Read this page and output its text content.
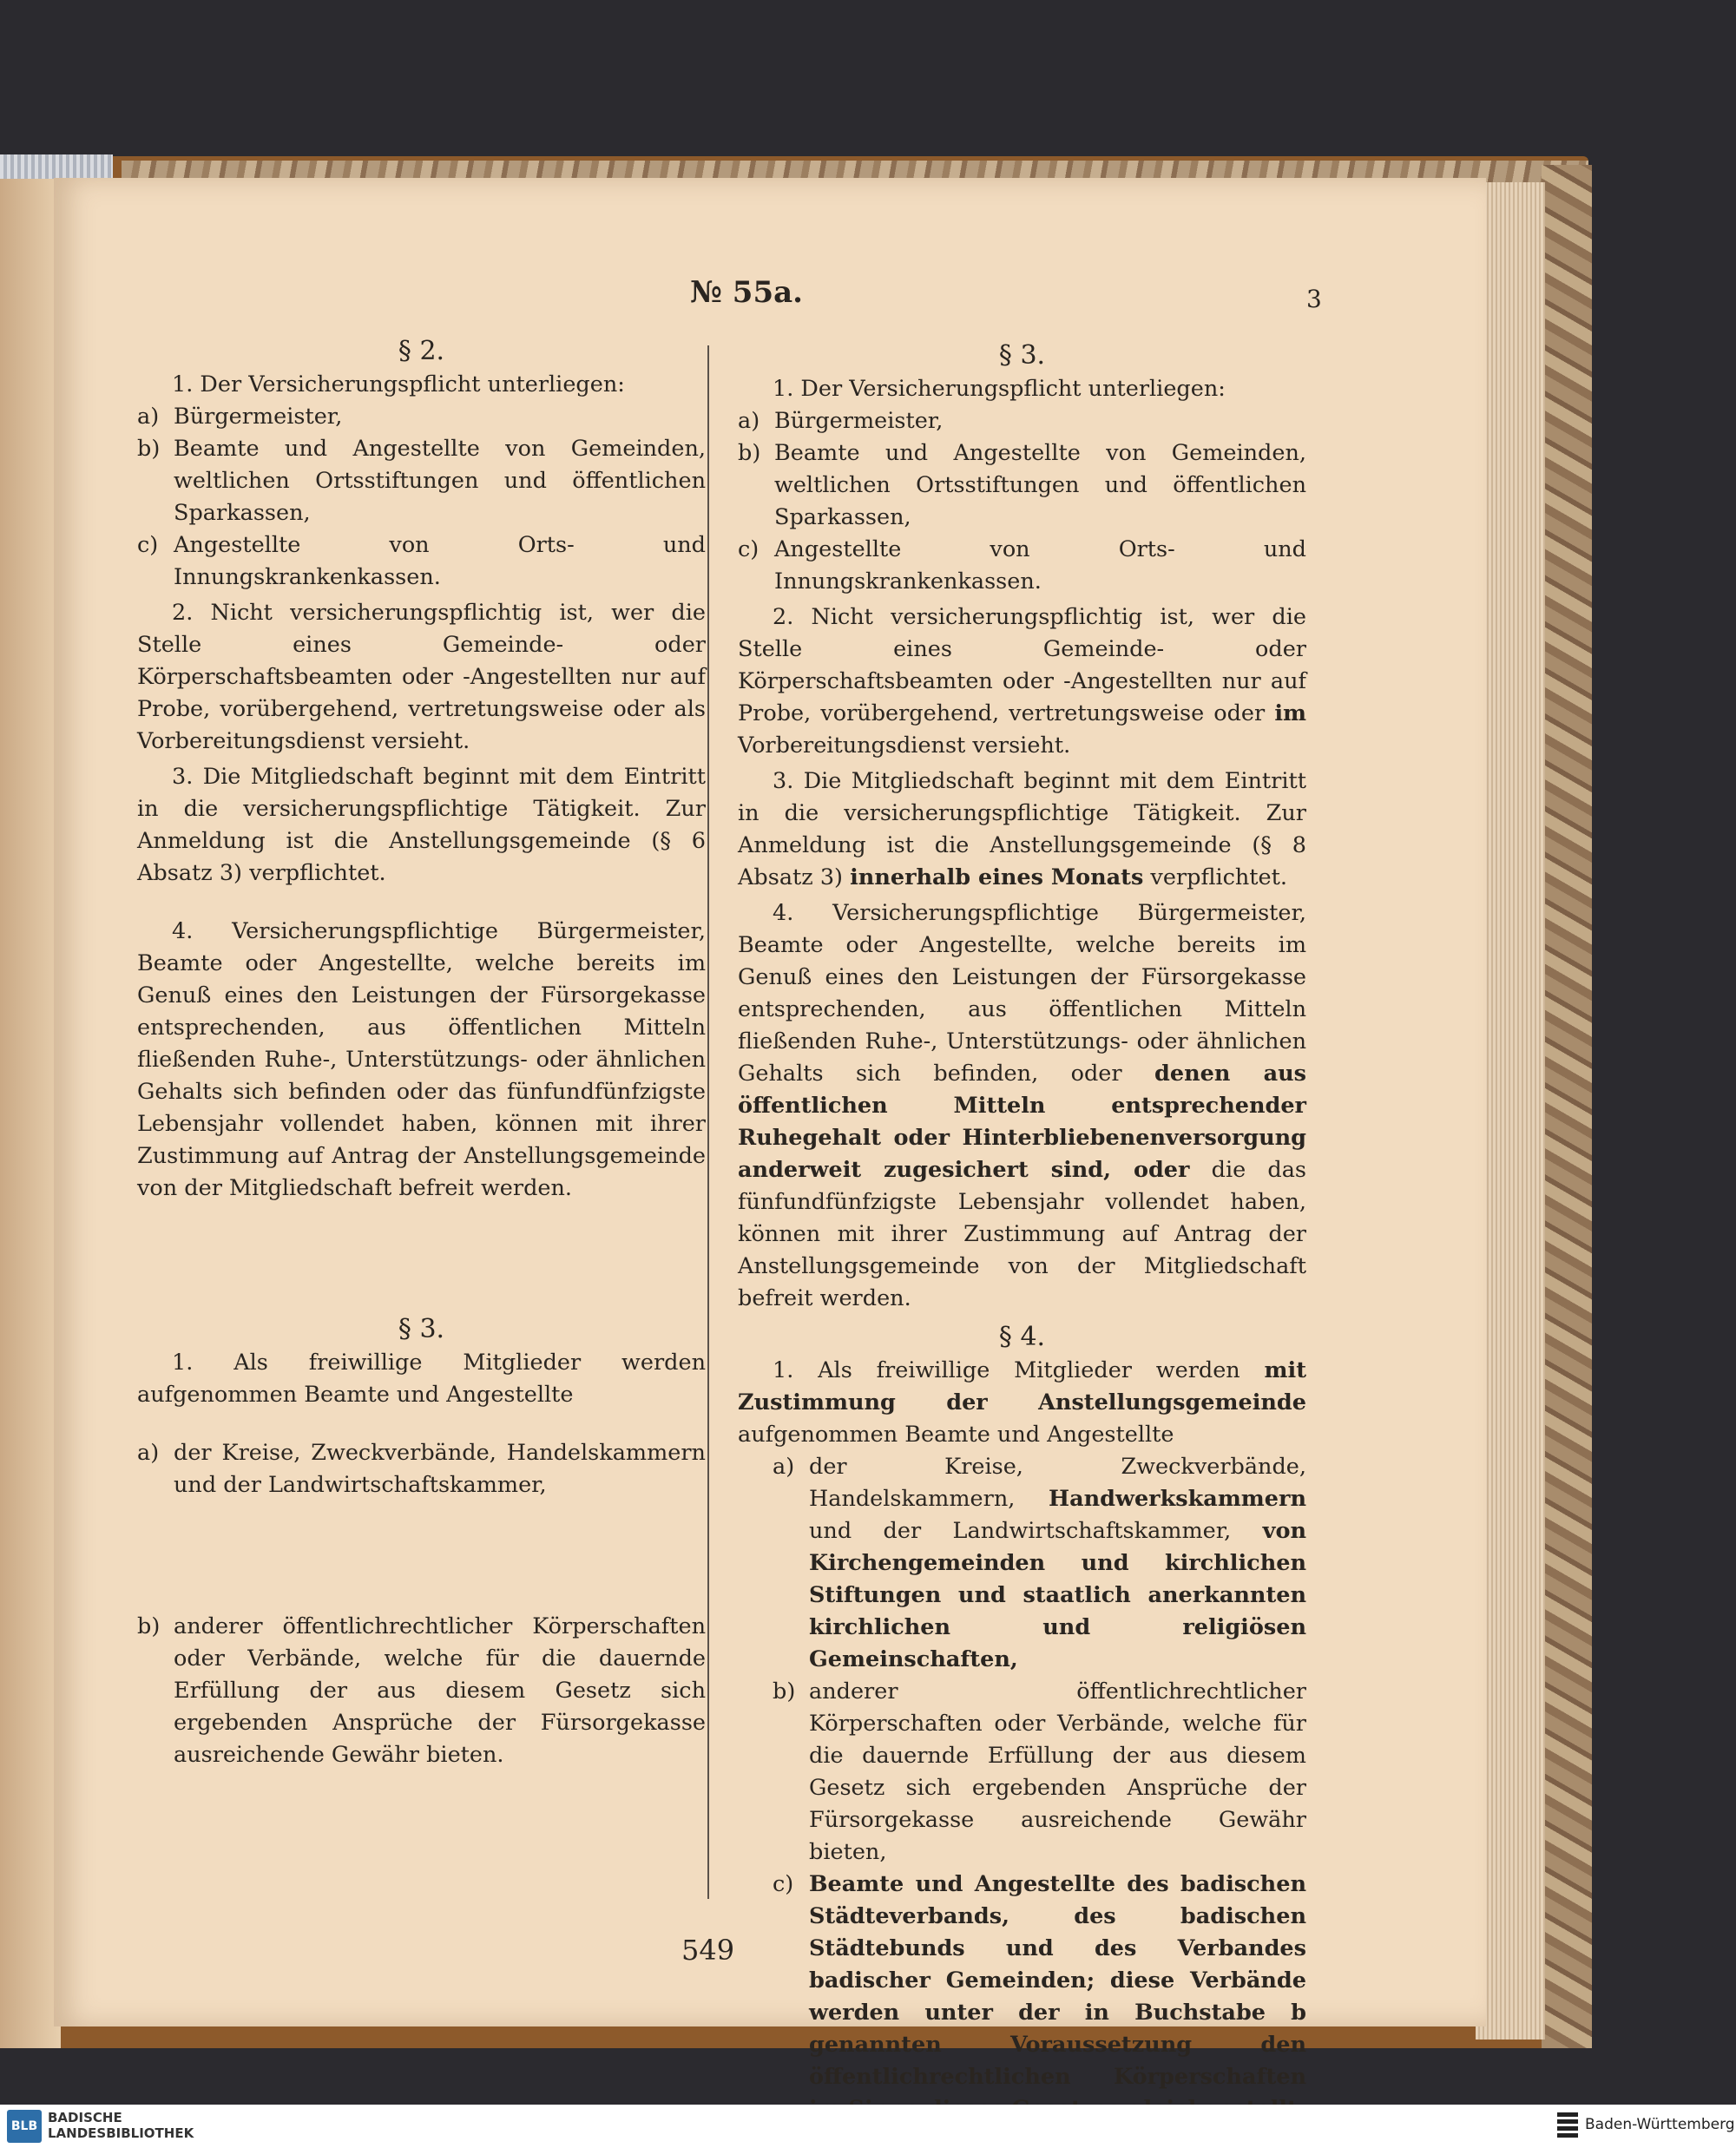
№ 55a.	3
§ 2.

1. Der Versicherungspflicht unterliegen:

a) Bürgermeister,
b) Beamte und Angestellte von Gemeinden, weltlichen Ortsstiftungen und öffentlichen Sparkassen,
c) Angestellte von Orts- und Innungskrankenkassen.

2. Nicht versicherungspflichtig ist, wer die Stelle eines Gemeinde- oder Körperschaftsbeamten oder -Angestellten nur auf Probe, vorübergehend, vertretungsweise oder als Vorbereitungsdienst versieht.

3. Die Mitgliedschaft beginnt mit dem Eintritt in die versicherungspflichtige Tätigkeit. Zur Anmeldung ist die Anstellungsgemeinde (§ 6 Absatz 3) verpflichtet.

4. Versicherungspflichtige Bürgermeister, Beamte oder Angestellte, welche bereits im Genuß eines den Leistungen der Fürsorgekasse entsprechenden, aus öffentlichen Mitteln fließenden Ruhe-, Unterstützungs- oder ähnlichen Gehalts sich befinden oder das fünfundfünfzigste Lebensjahr vollendet haben, können mit ihrer Zustimmung auf Antrag der Anstellungsgemeinde von der Mitgliedschaft befreit werden.

§ 3.

1. Als freiwillige Mitglieder werden aufgenommen Beamte und Angestellte

a) der Kreise, Zweckverbände, Handelskammern und der Landwirtschaftskammer,
b) anderer öffentlichrechtlicher Körperschaften oder Verbände, welche für die dauernde Erfüllung der aus diesem Gesetz sich ergebenden Ansprüche der Fürsorgekasse ausreichende Gewähr bieten.
§ 3.

1. Der Versicherungspflicht unterliegen:

a) Bürgermeister,
b) Beamte und Angestellte von Gemeinden, weltlichen Ortsstiftungen und öffentlichen Sparkassen,
c) Angestellte von Orts- und Innungskrankenkassen.

2. Nicht versicherungspflichtig ist, wer die Stelle eines Gemeinde- oder Körperschaftsbeamten oder -Angestellten nur auf Probe, vorübergehend, vertretungsweise oder im Vorbereitungsdienst versieht.

3. Die Mitgliedschaft beginnt mit dem Eintritt in die versicherungspflichtige Tätigkeit. Zur Anmeldung ist die Anstellungsgemeinde (§ 8 Absatz 3) innerhalb eines Monats verpflichtet.

4. Versicherungspflichtige Bürgermeister, Beamte oder Angestellte, welche bereits im Genuß eines den Leistungen der Fürsorgekasse entsprechenden, aus öffentlichen Mitteln fließenden Ruhe-, Unterstützungs- oder ähnlichen Gehalts sich befinden, oder denen aus öffentlichen Mitteln entsprechender Ruhegehalt oder Hinterbliebenenversorgung anderweit zugesichert sind, oder die das fünfundfünfzigste Lebensjahr vollendet haben, können mit ihrer Zustimmung auf Antrag der Anstellungsgemeinde von der Mitgliedschaft befreit werden.

§ 4.

1. Als freiwillige Mitglieder werden mit Zustimmung der Anstellungsgemeinde aufgenommen Beamte und Angestellte

a) der Kreise, Zweckverbände, Handelskammern, Handwerkskammern und der Landwirtschaftskammer, von Kirchengemeinden und kirchlichen Stiftungen und staatlich anerkannten kirchlichen und religiösen Gemeinschaften,
b) anderer öffentlichrechtlicher Körperschaften oder Verbände, welche für die dauernde Erfüllung der aus diesem Gesetz sich ergebenden Ansprüche der Fürsorgekasse ausreichende Gewähr bieten,
c) Beamte und Angestellte des badischen Städteverbands, des badischen Städtebunds und des Verbandes badischer Gemeinden; diese Verbände werden unter der in Buchstabe b genannten Voraussetzung den öffentlichrechtlichen Körperschaften
549
BLB
BADISCHE
LANDESBIBLIOTHEK	Baden-Württemberg
